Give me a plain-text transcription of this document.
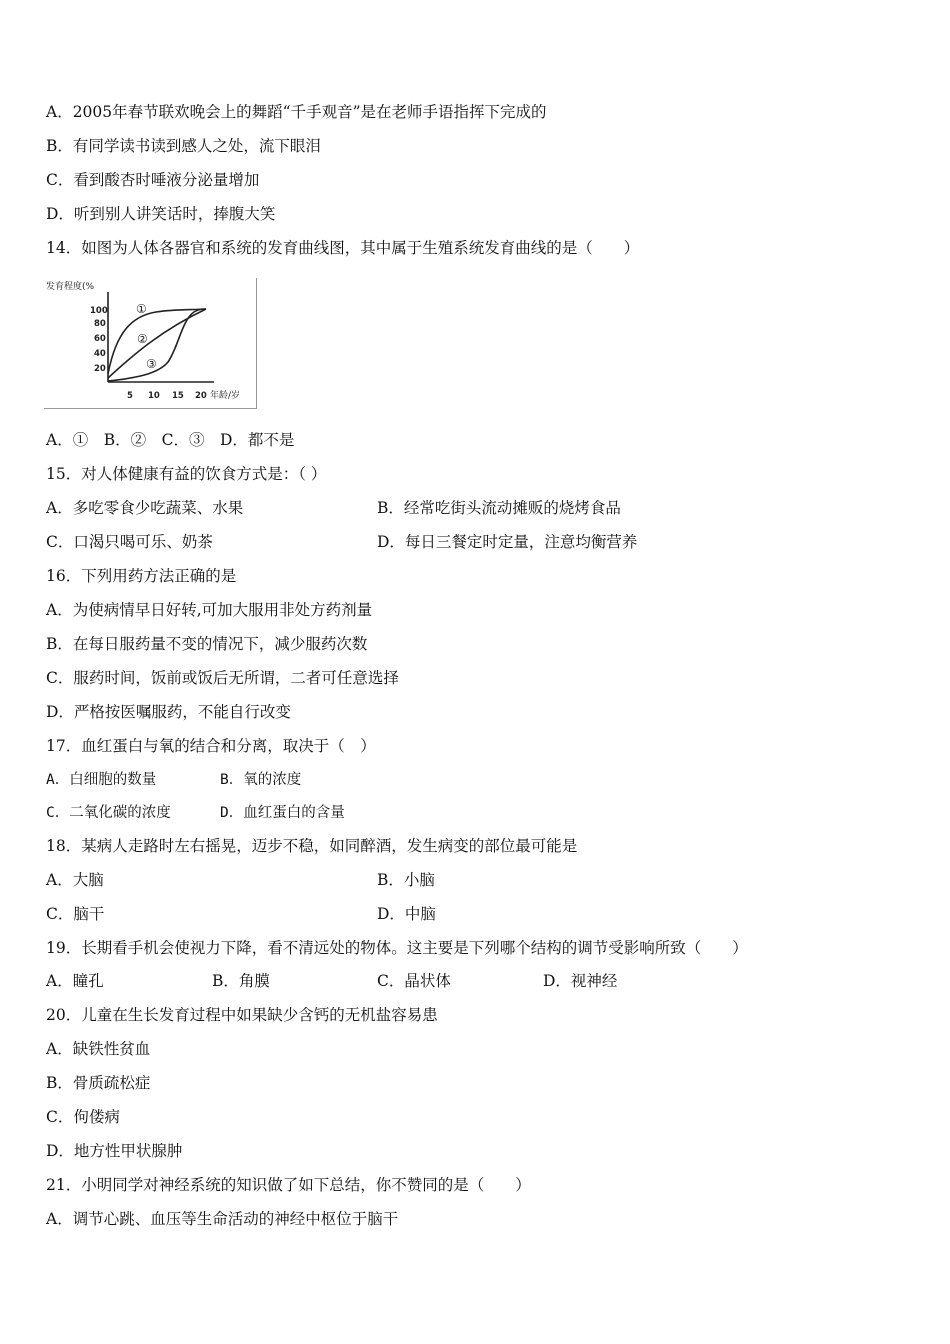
A．2005年春节联欢晚会上的舞蹈“千手观音”是在老师手语指挥下完成的
B．有同学读书读到感人之处，流下眼泪
C．看到酸杏时唾液分泌量增加
D．听到别人讲笑话时，捧腹大笑
14．如图为人体各器官和系统的发育曲线图，其中属于生殖系统发育曲线的是（　　）
发育程度(%
100
80
60
40
20
5 10 15 20 年龄/岁
①
②
③
A．①　B．②　C．③　D．都不是
15．对人体健康有益的饮食方式是：（ ）
A．多吃零食少吃蔬菜、水果	B．经常吃街头流动摊贩的烧烤食品
C．口渴只喝可乐、奶茶	D．每日三餐定时定量，注意均衡营养
16．下列用药方法正确的是
A．为使病情早日好转,可加大服用非处方药剂量
B．在每日服药量不变的情况下，减少服药次数
C．服药时间，饭前或饭后无所谓，二者可任意选择
D．严格按医嘱服药，不能自行改变
17．血红蛋白与氧的结合和分离，取决于（　）
A．白细胞的数量	B．氧的浓度
C．二氧化碳的浓度	D．血红蛋白的含量
18．某病人走路时左右摇晃，迈步不稳，如同醉酒，发生病变的部位最可能是
A．大脑	B．小脑
C．脑干	D．中脑
19．长期看手机会使视力下降，看不清远处的物体。这主要是下列哪个结构的调节受影响所致（　　）
A．瞳孔	B．角膜	C．晶状体	D．视神经
20．儿童在生长发育过程中如果缺少含钙的无机盐容易患
A．缺铁性贫血
B．骨质疏松症
C．佝偻病
D．地方性甲状腺肿
21．小明同学对神经系统的知识做了如下总结，你不赞同的是（　　）
A．调节心跳、血压等生命活动的神经中枢位于脑干
